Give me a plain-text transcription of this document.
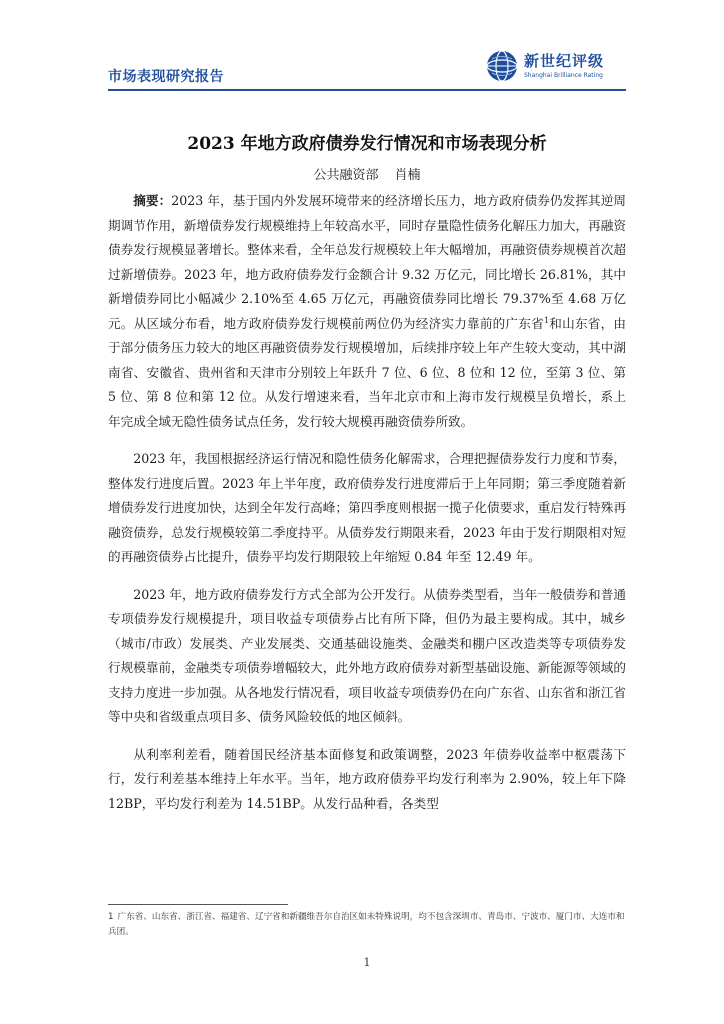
市场表现研究报告
新世纪评级
Shanghai Brilliance Rating
2023 年地方政府债券发行情况和市场表现分析
公共融资部 肖楠

摘要：2023 年，基于国内外发展环境带来的经济增长压力，地方政府债券仍发挥其逆周期调节作用，新增债券发行规模维持上年较高水平，同时存量隐性债务化解压力加大，再融资债券发行规模显著增长。整体来看，全年总发行规模较上年大幅增加，再融资债券规模首次超过新增债券。2023 年，地方政府债券发行金额合计 9.32 万亿元，同比增长 26.81%，其中新增债券同比小幅减少 2.10%至 4.65 万亿元，再融资债券同比增长 79.37%至 4.68 万亿元。从区域分布看，地方政府债券发行规模前两位仍为经济实力靠前的广东省$^1$和山东省，由于部分债务压力较大的地区再融资债券发行规模增加，后续排序较上年产生较大变动，其中湖南省、安徽省、贵州省和天津市分别较上年跃升 7 位、6 位、8 位和 12 位，至第 3 位、第 5 位、第 8 位和第 12 位。从发行增速来看，当年北京市和上海市发行规模呈负增长，系上年完成全域无隐性债务试点任务，发行较大规模再融资债券所致。

2023 年，我国根据经济运行情况和隐性债务化解需求，合理把握债券发行力度和节奏，整体发行进度后置。2023 年上半年度，政府债券发行进度滞后于上年同期；第三季度随着新增债券发行进度加快，达到全年发行高峰；第四季度则根据一揽子化债要求，重启发行特殊再融资债券，总发行规模较第二季度持平。从债券发行期限来看，2023 年由于发行期限相对短的再融资债券占比提升，债券平均发行期限较上年缩短 0.84 年至 12.49 年。

2023 年，地方政府债券发行方式全部为公开发行。从债券类型看，当年一般债券和普通专项债券发行规模提升，项目收益专项债券占比有所下降，但仍为最主要构成。其中，城乡（城市/市政）发展类、产业发展类、交通基础设施类、金融类和棚户区改造类等专项债券发行规模靠前，金融类专项债券增幅较大，此外地方政府债券对新型基础设施、新能源等领域的支持力度进一步加强。从各地发行情况看，项目收益专项债券仍在向广东省、山东省和浙江省等中央和省级重点项目多、债务风险较低的地区倾斜。

从利率利差看，随着国民经济基本面修复和政策调整，2023 年债券收益率中枢震荡下行，发行利差基本维持上年水平。当年，地方政府债券平均发行利率为 2.90%，较上年下降 12BP，平均发行利差为 14.51BP。从发行品种看，各类型

1 广东省、山东省、浙江省、福建省、辽宁省和新疆维吾尔自治区如未特殊说明，均不包含深圳市、青岛市、宁波市、厦门市、大连市和兵团。
1
